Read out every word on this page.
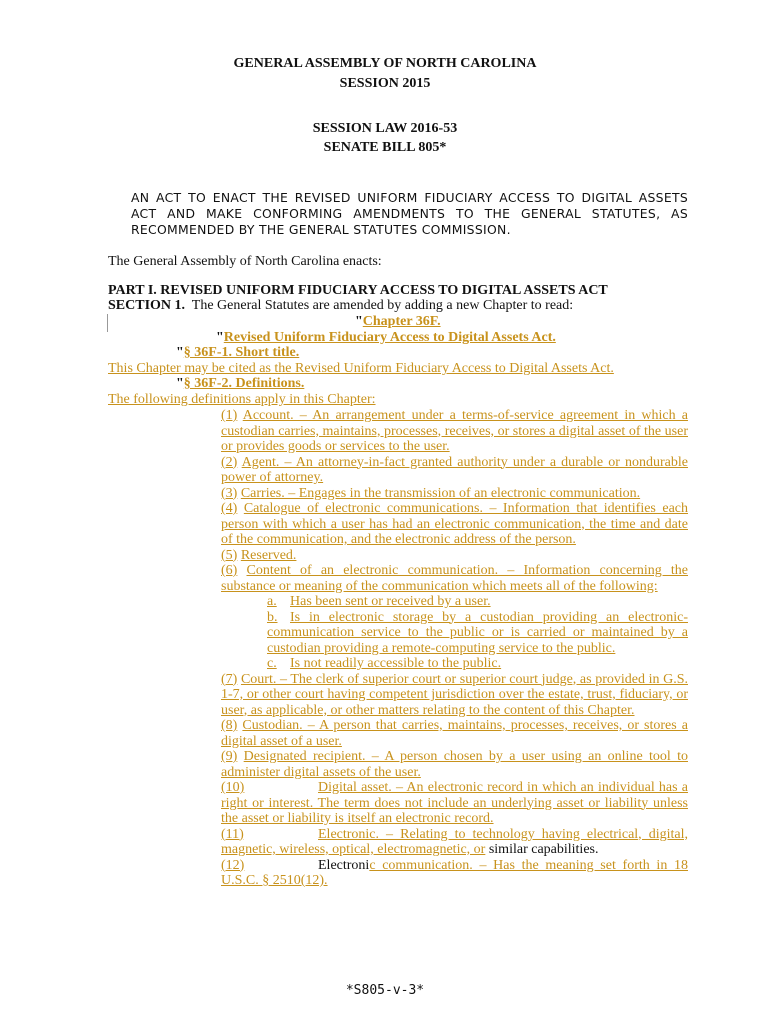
GENERAL ASSEMBLY OF NORTH CAROLINA
SESSION 2015
SESSION LAW 2016-53
SENATE BILL 805*
AN ACT TO ENACT THE REVISED UNIFORM FIDUCIARY ACCESS TO DIGITAL ASSETS ACT AND MAKE CONFORMING AMENDMENTS TO THE GENERAL STATUTES, AS RECOMMENDED BY THE GENERAL STATUTES COMMISSION.
The General Assembly of North Carolina enacts:
PART I. REVISED UNIFORM FIDUCIARY ACCESS TO DIGITAL ASSETS ACT
SECTION 1. The General Statutes are amended by adding a new Chapter to read:
"Chapter 36F.
"Revised Uniform Fiduciary Access to Digital Assets Act.
"§ 36F-1. Short title.
This Chapter may be cited as the Revised Uniform Fiduciary Access to Digital Assets Act.
"§ 36F-2. Definitions.
The following definitions apply in this Chapter:

(1) Account. – An arrangement under a terms-of-service agreement in which a custodian carries, maintains, processes, receives, or stores a digital asset of the user or provides goods or services to the user.

(2) Agent. – An attorney-in-fact granted authority under a durable or nondurable power of attorney.

(3) Carries. – Engages in the transmission of an electronic communication.

(4) Catalogue of electronic communications. – Information that identifies each person with which a user has had an electronic communication, the time and date of the communication, and the electronic address of the person.

(5) Reserved.

(6) Content of an electronic communication. – Information concerning the substance or meaning of the communication which meets all of the following:

a. Has been sent or received by a user.

b. Is in electronic storage by a custodian providing an electronic-communication service to the public or is carried or maintained by a custodian providing a remote-computing service to the public.

c. Is not readily accessible to the public.

(7) Court. – The clerk of superior court or superior court judge, as provided in G.S. 1-7, or other court having competent jurisdiction over the estate, trust, fiduciary, or user, as applicable, or other matters relating to the content of this Chapter.

(8) Custodian. – A person that carries, maintains, processes, receives, or stores a digital asset of a user.

(9) Designated recipient. – A person chosen by a user using an online tool to administer digital assets of the user.

(10)	Digital asset. – An electronic record in which an individual has a right or interest. The term does not include an underlying asset or liability unless the asset or liability is itself an electronic record.

(11)	Electronic. – Relating to technology having electrical, digital, magnetic, wireless, optical, electromagnetic, or similar capabilities.

(12)	Electronic communication. – Has the meaning set forth in 18 U.S.C. § 2510(12).

*S805-v-3*
